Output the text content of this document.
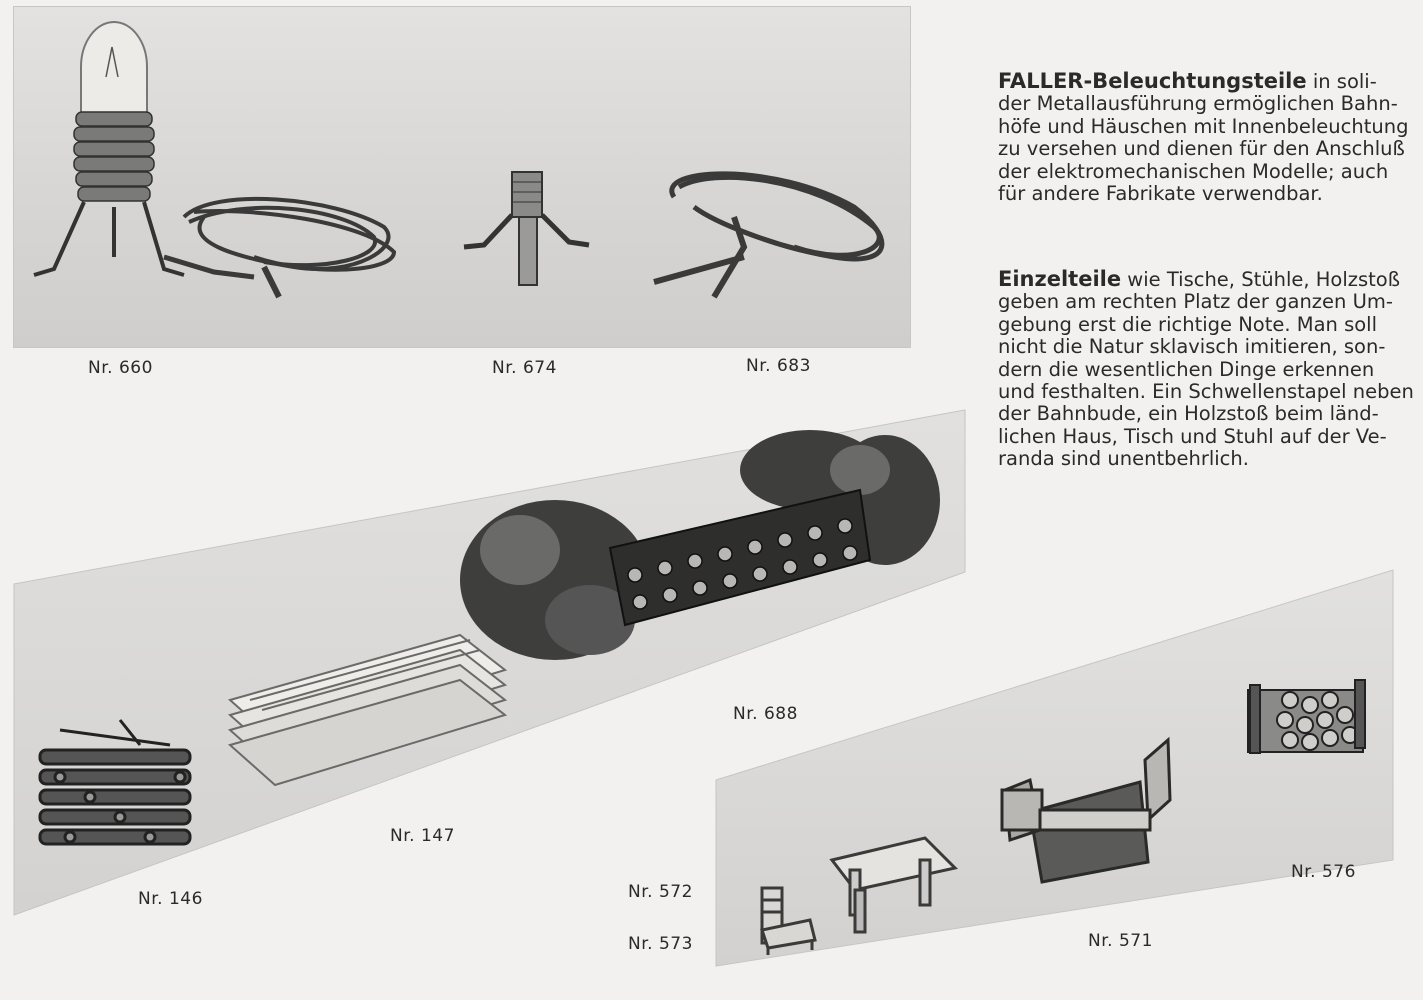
Nr. 660	Nr. 674	Nr. 683
Nr. 688
Nr. 147
Nr. 146	Nr. 572
Nr. 573	Nr. 571
Nr. 576
FALLER-Beleuchtungsteile in soli-
der Metallausführung ermöglichen Bahn-
höfe und Häuschen mit Innenbeleuchtung
zu versehen und dienen für den Anschluß
der elektromechanischen Modelle; auch
für andere Fabrikate verwendbar.
Einzelteile wie Tische, Stühle, Holzstoß
geben am rechten Platz der ganzen Um-
gebung erst die richtige Note. Man soll
nicht die Natur sklavisch imitieren, son-
dern die wesentlichen Dinge erkennen
und festhalten. Ein Schwellenstapel neben
der Bahnbude, ein Holzstoß beim länd-
lichen Haus, Tisch und Stuhl auf der Ve-
randa sind unentbehrlich.
